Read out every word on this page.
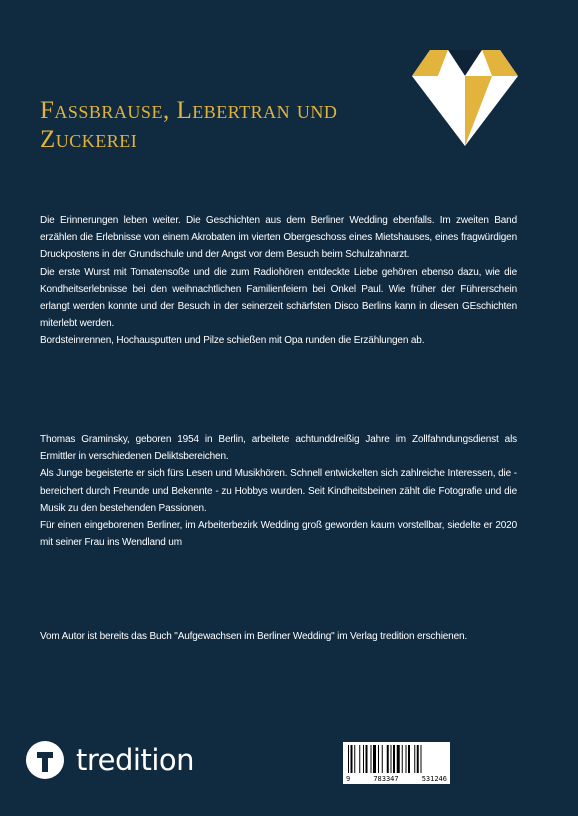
Fassbrause, Lebertran und Zuckerei

Die Erinnerungen leben weiter. Die Geschichten aus dem Berliner Wedding ebenfalls. Im zweiten Band erzählen die Erlebnisse von einem Akrobaten im vierten Obergeschoss eines Mietshauses, eines fragwürdigen Druckpostens in der Grundschule und der Angst vor dem Besuch beim Schulzahnarzt.

Die erste Wurst mit Tomatensoße und die zum Radiohören entdeckte Liebe gehören ebenso dazu, wie die Kondheitserlebnisse bei den weihnachtlichen Familienfeiern bei Onkel Paul. Wie früher der Führerschein erlangt werden konnte und der Besuch in der seinerzeit schärfsten Disco Berlins kann in diesen GEschichten miterlebt werden.

Bordsteinrennen, Hochausputten und Pilze schießen mit Opa runden die Erzählungen ab.

Thomas Graminsky, geboren 1954 in Berlin, arbeitete achtunddreißig Jahre im Zollfahndungsdienst als Ermittler in verschiedenen Deliktsbereichen.

Als Junge begeisterte er sich fürs Lesen und Musikhören. Schnell entwickelten sich zahlreiche Interessen, die - bereichert durch Freunde und Bekennte - zu Hobbys wurden. Seit Kindheitsbeinen zählt die Fotografie und die Musik zu den bestehenden Passionen.

Für einen eingeborenen Berliner, im Arbeiterbezirk Wedding groß geworden kaum vorstellbar, siedelte er 2020 mit seiner Frau ins Wendland um

Vom Autor ist bereits das Buch "Aufgewachsen im Berliner Wedding" im Verlag tredition erschienen.

tredition
9	783347	531246
